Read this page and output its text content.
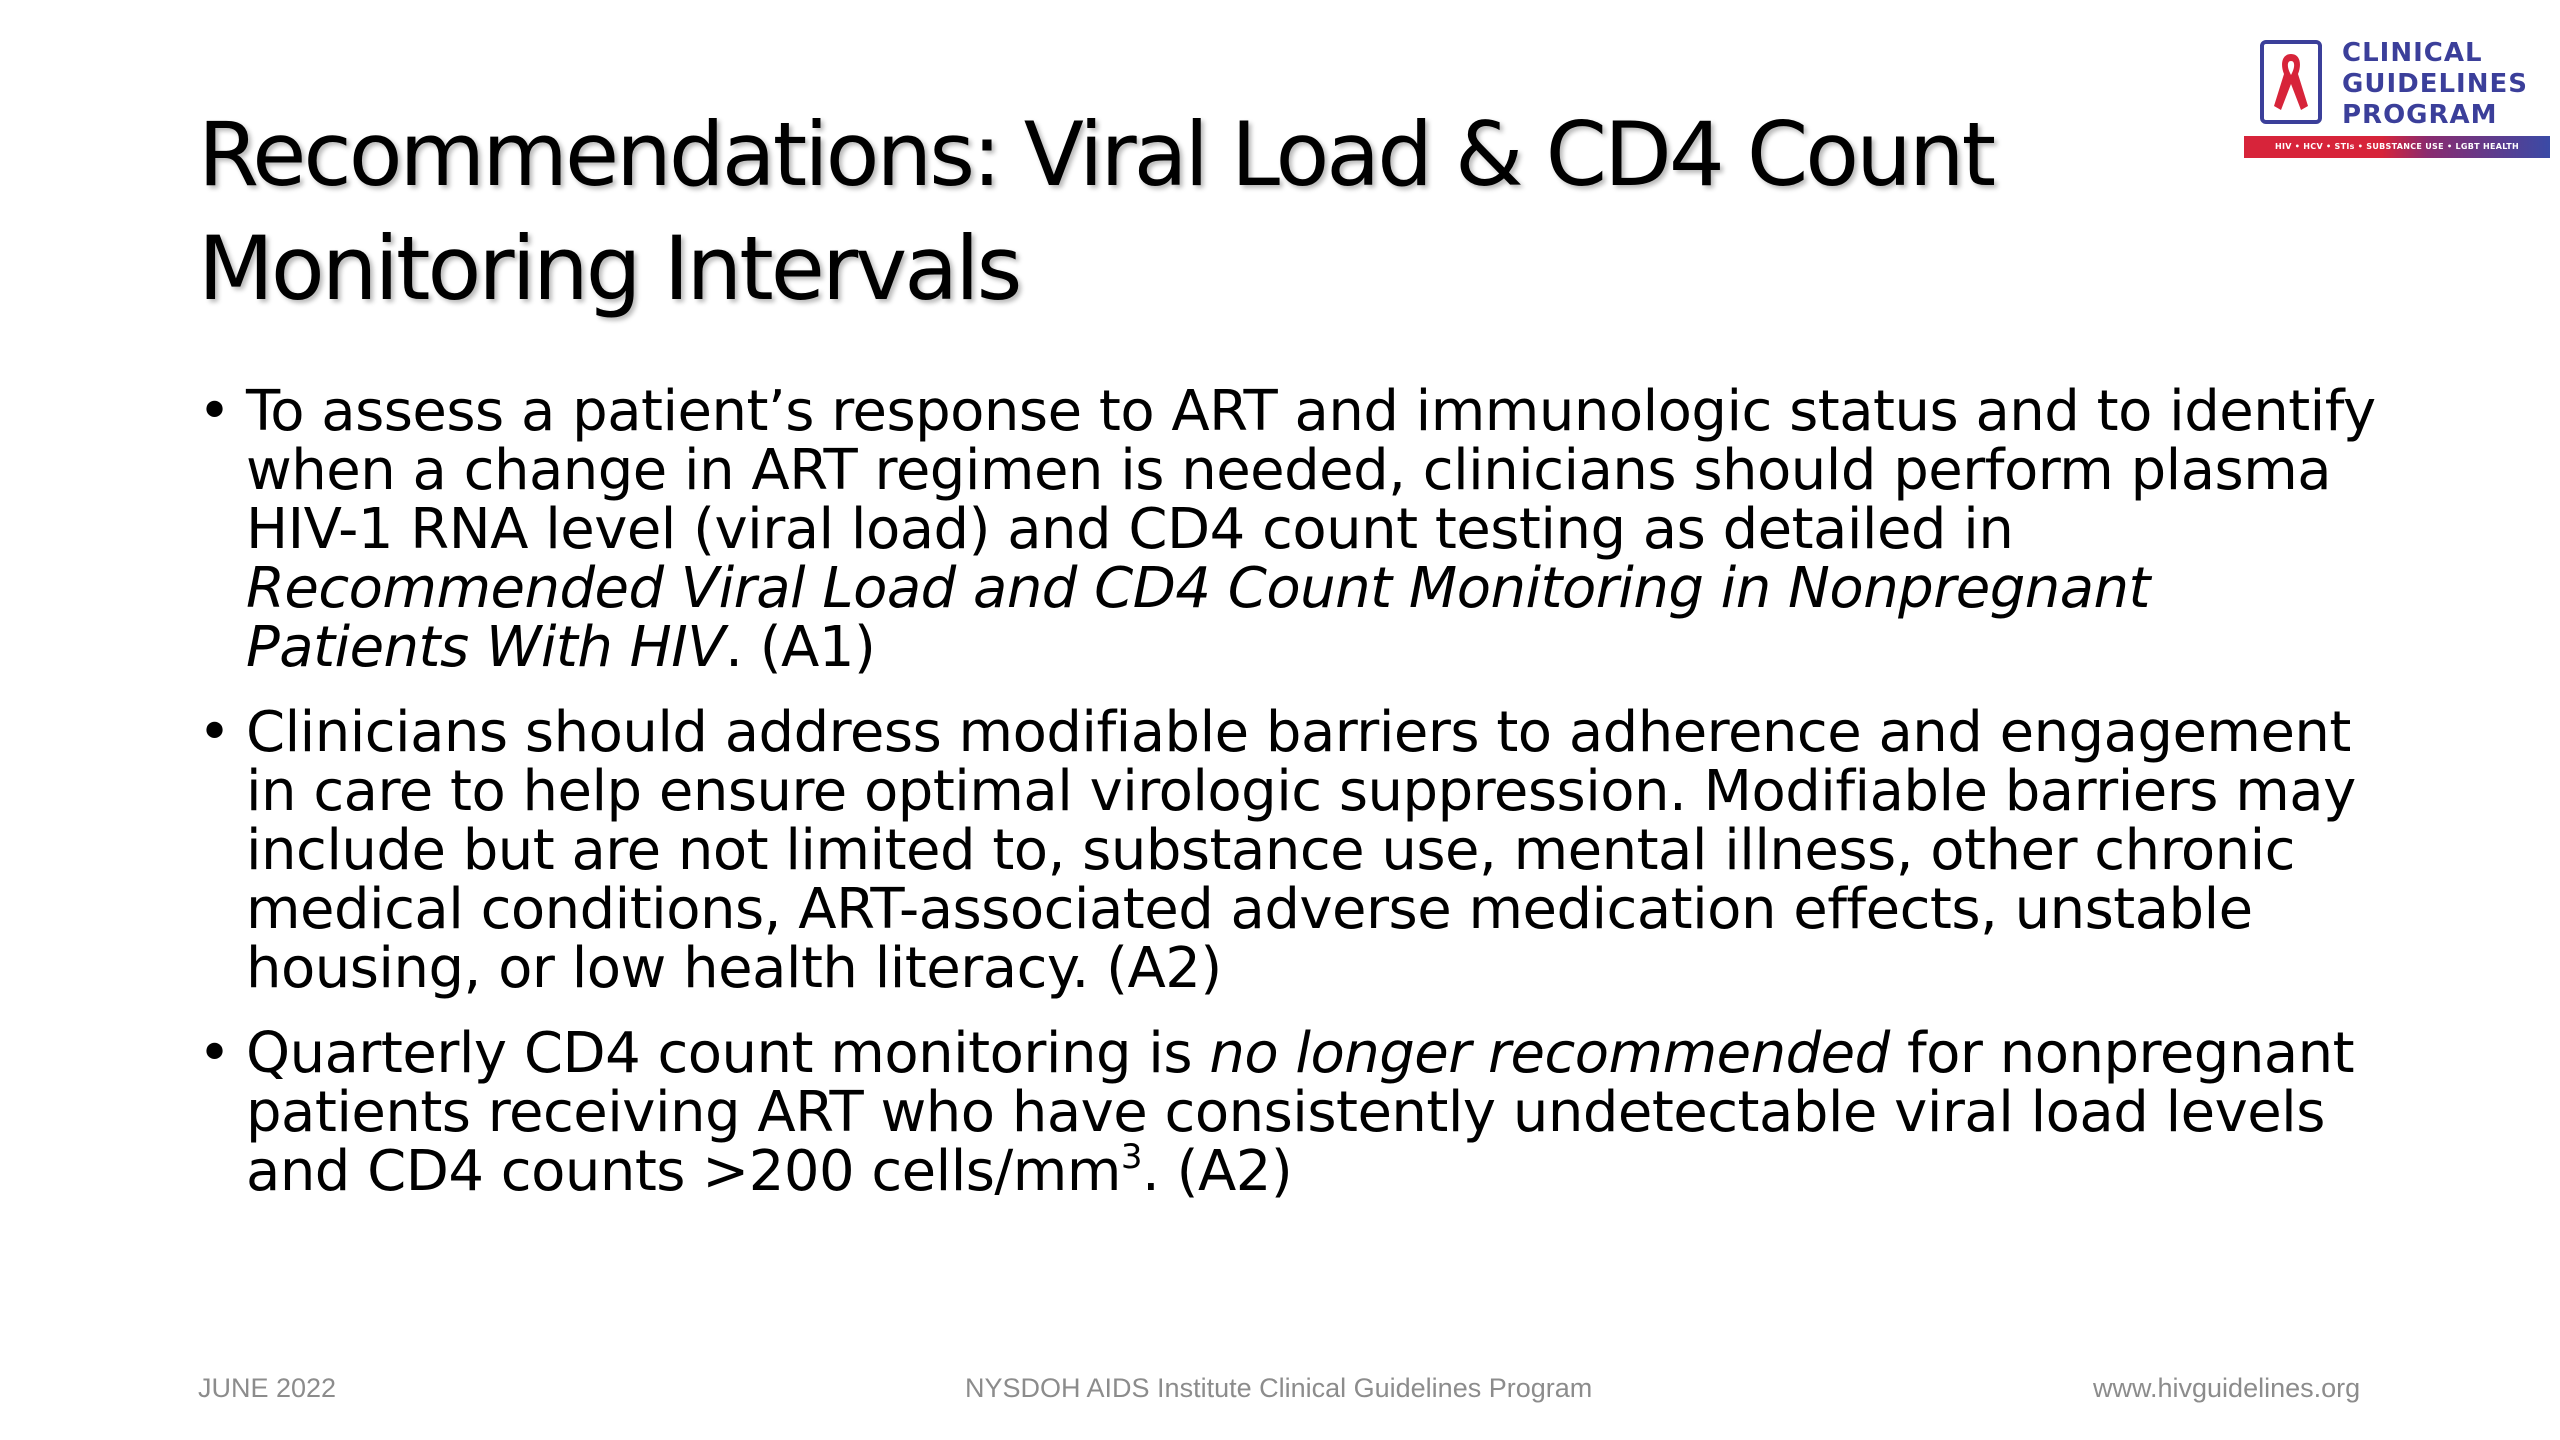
CLINICAL
GUIDELINES
PROGRAM
HIV • HCV • STIs • SUBSTANCE USE • LGBT HEALTH
Recommendations: Viral Load & CD4 Count
Monitoring Intervals
• To assess a patient’s response to ART and immunologic status and to identify when a change in ART regimen is needed, clinicians should perform plasma HIV-1 RNA level (viral load) and CD4 count testing as detailed in Recommended Viral Load and CD4 Count Monitoring in Nonpregnant Patients With HIV. (A1)
• Clinicians should address modifiable barriers to adherence and engagement in care to help ensure optimal virologic suppression. Modifiable barriers may include but are not limited to, substance use, mental illness, other chronic medical conditions, ART-associated adverse medication effects, unstable housing, or low health literacy. (A2)
• Quarterly CD4 count monitoring is no longer recommended for nonpregnant patients receiving ART who have consistently undetectable viral load levels and CD4 counts >200 cells/$mm^3$. (A2)
JUNE 2022	NYSDOH AIDS Institute Clinical Guidelines Program	www.hivguidelines.org
